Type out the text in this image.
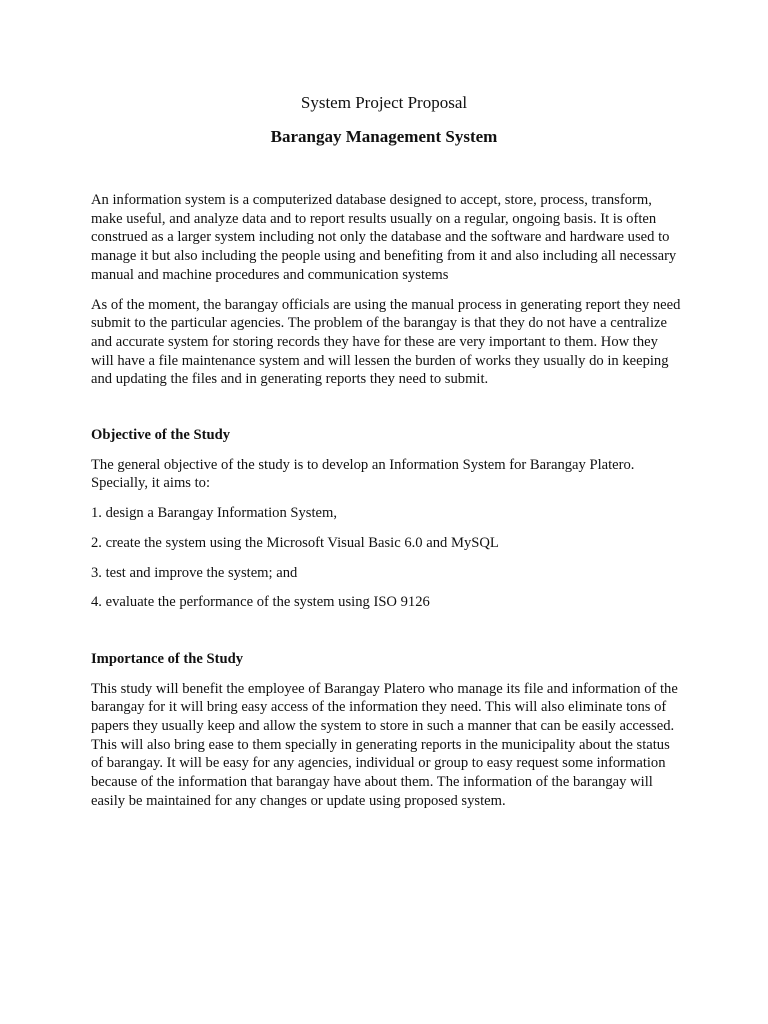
System Project Proposal
Barangay Management System

An information system is a computerized database designed to accept, store, process, transform, make useful, and analyze data and to report results usually on a regular, ongoing basis. It is often construed as a larger system including not only the database and the software and hardware used to manage it but also including the people using and benefiting from it and also including all necessary manual and machine procedures and communication systems

As of the moment, the barangay officials are using the manual process in generating report they need submit to the particular agencies. The problem of the barangay is that they do not have a centralize and accurate system for storing records they have for these are very important to them. How they will have a file maintenance system and will lessen the burden of works they usually do in keeping and updating the files and in generating reports they need to submit.

Objective of the Study

The general objective of the study is to develop an Information System for Barangay Platero. Specially, it aims to:

1. design a Barangay Information System,
2. create the system using the Microsoft Visual Basic 6.0 and MySQL
3. test and improve the system; and
4. evaluate the performance of the system using ISO 9126

Importance of the Study

This study will benefit the employee of Barangay Platero who manage its file and information of the barangay for it will bring easy access of the information they need. This will also eliminate tons of papers they usually keep and allow the system to store in such a manner that can be easily accessed. This will also bring ease to them specially in generating reports in the municipality about the status of barangay. It will be easy for any agencies, individual or group to easy request some information because of the information that barangay have about them. The information of the barangay will easily be maintained for any changes or update using proposed system.
